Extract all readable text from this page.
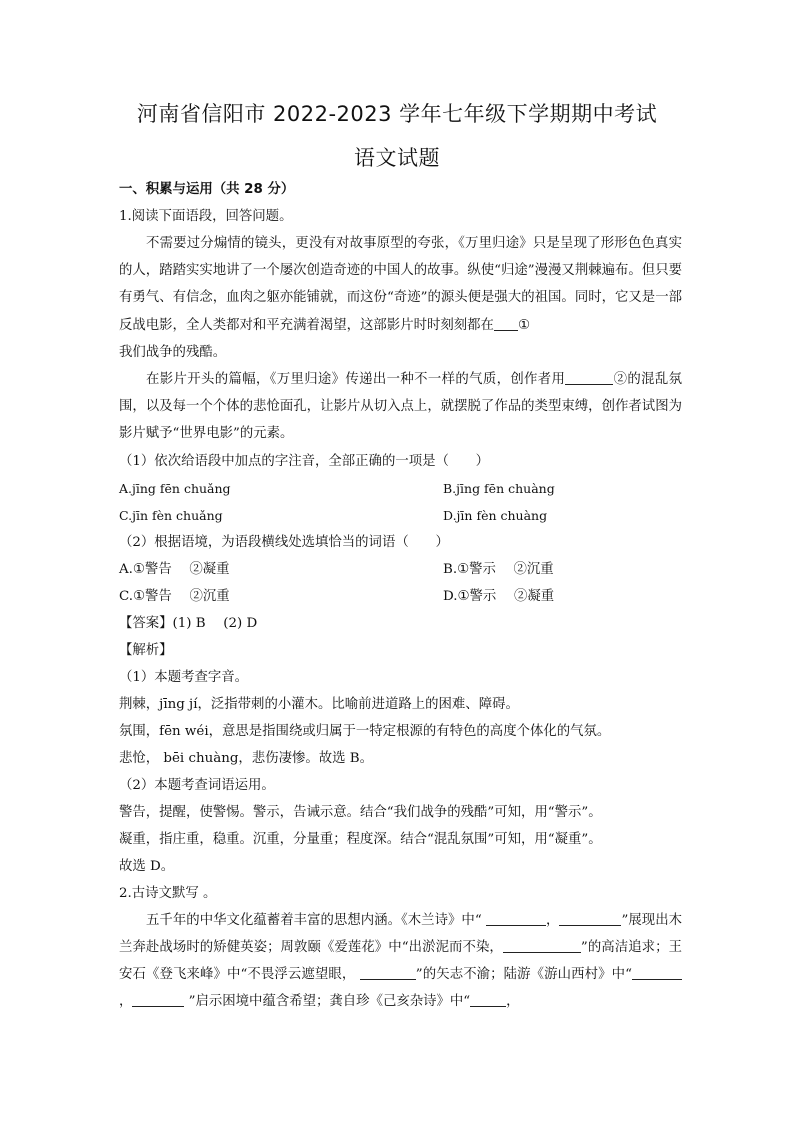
河南省信阳市 2022-2023 学年七年级下学期期中考试
语文试题
一、积累与运用（共 28 分）
1.阅读下面语段，回答问题。
不需要过分煽情的镜头，更没有对故事原型的夸张，《万里归途》只是呈现了形形色色真实的人，踏踏实实地讲了一个屡次创造奇迹的中国人的故事。纵使“归途”漫漫又荆棘遍布。但只要有勇气、有信念，血肉之躯亦能铺就，而这份“奇迹”的源头便是强大的祖国。同时，它又是一部反战电影，全人类都对和平充满着渴望，这部影片时时刻刻都在 ①
我们战争的残酷。
在影片开头的篇幅，《万里归途》传递出一种不一样的气质，创作者用	②的混乱氛围，以及每一个个体的悲怆面孔，让影片从切入点上，就摆脱了作品的类型束缚，创作者试图为影片赋予“世界电影”的元素。
（1）依次给语段中加点的字注音，全部正确的一项是（　　）
A.jīng fēn chuǎng	B.jīng fēn chuàng
C.jīn fèn chuǎng	D.jīn fèn chuàng
（2）根据语境，为语段横线处选填恰当的词语（　　）
A.①警告　 ②凝重	B.①警示　 ②沉重
C.①警告　 ②沉重	D.①警示　 ②凝重
【答案】(1) B　 (2) D
【解析】
（1）本题考查字音。
荆棘，jīng jí，泛指带刺的小灌木。比喻前进道路上的困难、障碍。
氛围，fēn wéi，意思是指围绕或归属于一特定根源的有特色的高度个体化的气氛。
悲怆， bēi chuàng，悲伤凄惨。故选 B。
（2）本题考查词语运用。
警告，提醒，使警惕。警示，告诫示意。结合“我们战争的残酷”可知，用“警示”。
凝重，指庄重，稳重。沉重，分量重；程度深。结合“混乱氛围”可知，用“凝重”。
故选 D。
2.古诗文默写 。
五千年的中华文化蕴蓄着丰富的思想内涵。《木兰诗》中“	，	”展现出木兰奔赴战场时的矫健英姿；周敦颐《爱莲花》中“出淤泥而不染，	”的高洁追求；王安石《登飞来峰》中“不畏浮云遮望眼，	”的矢志不渝；陆游《游山西村》中“，	”启示困境中蕴含希望；龚自珍《己亥杂诗》中“	，
